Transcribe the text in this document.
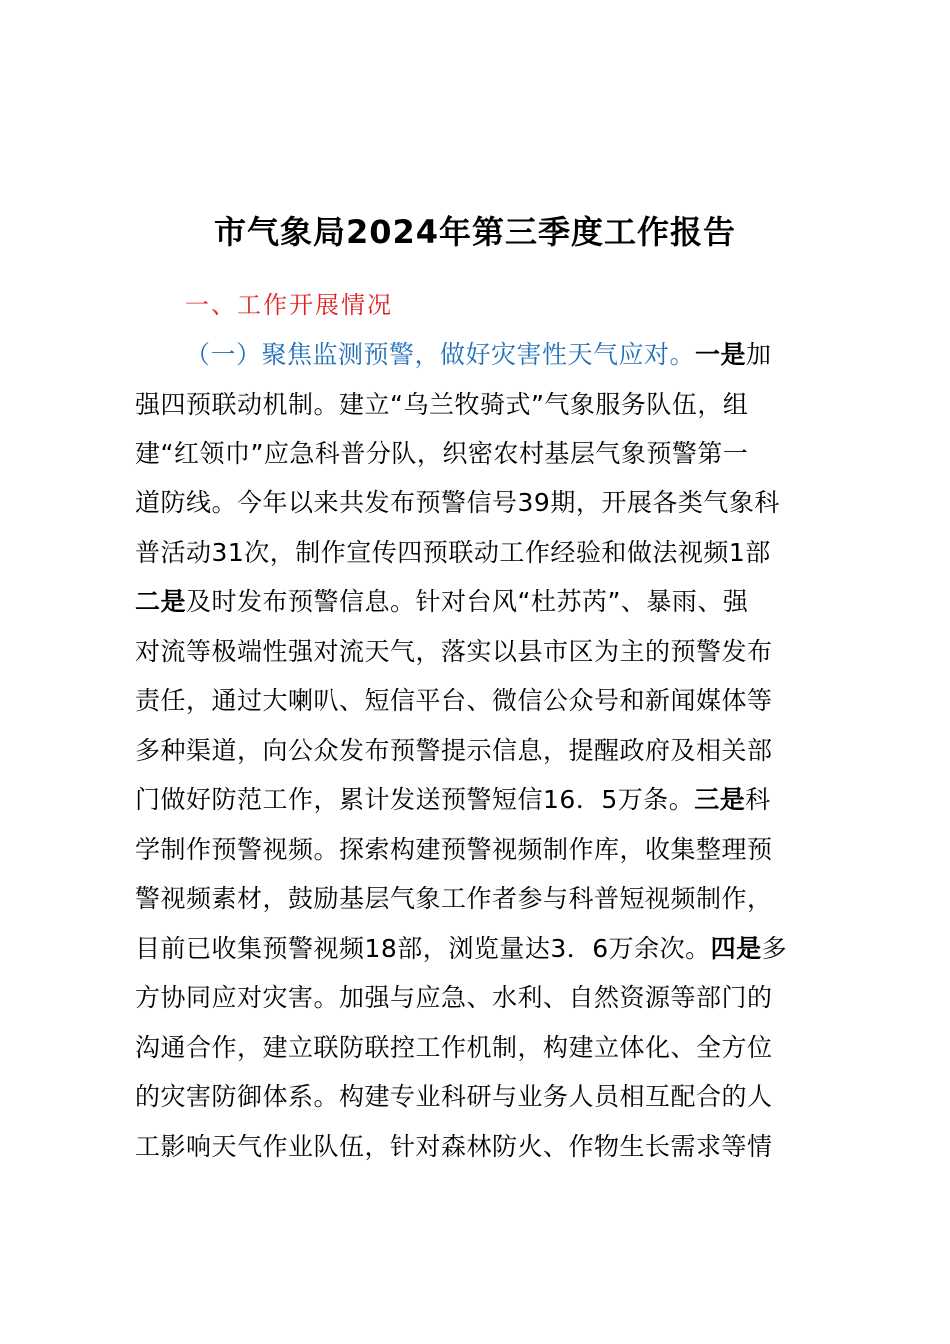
市气象局2024年第三季度工作报告
一、工作开展情况
（一）聚焦监测预警，做好灾害性天气应对。一是加
强四预联动机制。建立“乌兰牧骑式”气象服务队伍，组
建“红领巾”应急科普分队，织密农村基层气象预警第一
道防线。今年以来共发布预警信号39期，开展各类气象科
普活动31次，制作宣传四预联动工作经验和做法视频1部
二是及时发布预警信息。针对台风“杜苏芮”、暴雨、强
对流等极端性强对流天气，落实以县市区为主的预警发布
责任，通过大喇叭、短信平台、微信公众号和新闻媒体等
多种渠道，向公众发布预警提示信息，提醒政府及相关部
门做好防范工作，累计发送预警短信16．5万条。三是科
学制作预警视频。探索构建预警视频制作库，收集整理预
警视频素材，鼓励基层气象工作者参与科普短视频制作，
目前已收集预警视频18部，浏览量达3．6万余次。四是多
方协同应对灾害。加强与应急、水利、自然资源等部门的
沟通合作，建立联防联控工作机制，构建立体化、全方位
的灾害防御体系。构建专业科研与业务人员相互配合的人
工影响天气作业队伍，针对森林防火、作物生长需求等情
